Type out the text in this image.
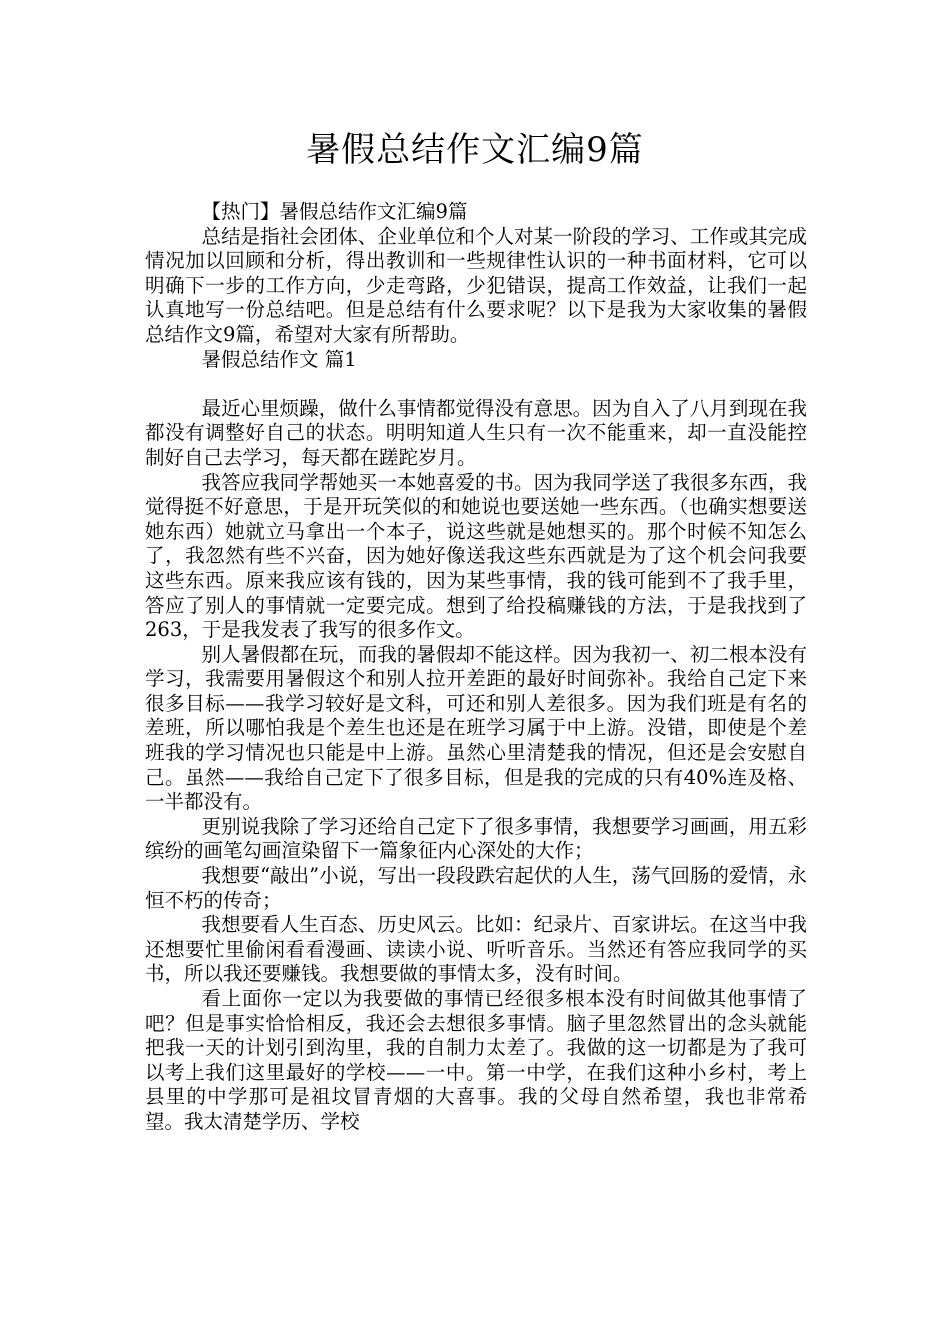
暑假总结作文汇编9篇

【热门】暑假总结作文汇编9篇

总结是指社会团体、企业单位和个人对某一阶段的学习、工作或其完成情况加以回顾和分析，得出教训和一些规律性认识的一种书面材料，它可以明确下一步的工作方向，少走弯路，少犯错误，提高工作效益，让我们一起认真地写一份总结吧。但是总结有什么要求呢？以下是我为大家收集的暑假总结作文9篇，希望对大家有所帮助。

暑假总结作文 篇1

最近心里烦躁，做什么事情都觉得没有意思。因为自入了八月到现在我都没有调整好自己的状态。明明知道人生只有一次不能重来，却一直没能控制好自己去学习，每天都在蹉跎岁月。

我答应我同学帮她买一本她喜爱的书。因为我同学送了我很多东西，我觉得挺不好意思，于是开玩笑似的和她说也要送她一些东西。（也确实想要送她东西）她就立马拿出一个本子，说这些就是她想买的。那个时候不知怎么了，我忽然有些不兴奋，因为她好像送我这些东西就是为了这个机会问我要这些东西。原来我应该有钱的，因为某些事情，我的钱可能到不了我手里，答应了别人的事情就一定要完成。想到了给投稿赚钱的方法，于是我找到了263，于是我发表了我写的很多作文。

别人暑假都在玩，而我的暑假却不能这样。因为我初一、初二根本没有学习，我需要用暑假这个和别人拉开差距的最好时间弥补。我给自己定下来很多目标——我学习较好是文科，可还和别人差很多。因为我们班是有名的差班，所以哪怕我是个差生也还是在班学习属于中上游。没错，即使是个差班我的学习情况也只能是中上游。虽然心里清楚我的情况，但还是会安慰自己。虽然——我给自己定下了很多目标，但是我的完成的只有40%连及格、一半都没有。

更别说我除了学习还给自己定下了很多事情，我想要学习画画，用五彩缤纷的画笔勾画渲染留下一篇象征内心深处的大作；

我想要“敲出”小说，写出一段段跌宕起伏的人生，荡气回肠的爱情，永恒不朽的传奇；

我想要看人生百态、历史风云。比如：纪录片、百家讲坛。在这当中我还想要忙里偷闲看看漫画、读读小说、听听音乐。当然还有答应我同学的买书，所以我还要赚钱。我想要做的事情太多，没有时间。

看上面你一定以为我要做的事情已经很多根本没有时间做其他事情了吧？但是事实恰恰相反，我还会去想很多事情。脑子里忽然冒出的念头就能把我一天的计划引到沟里，我的自制力太差了。我做的这一切都是为了我可以考上我们这里最好的学校——一中。第一中学，在我们这种小乡村，考上县里的中学那可是祖坟冒青烟的大喜事。我的父母自然希望，我也非常希望。我太清楚学历、学校
